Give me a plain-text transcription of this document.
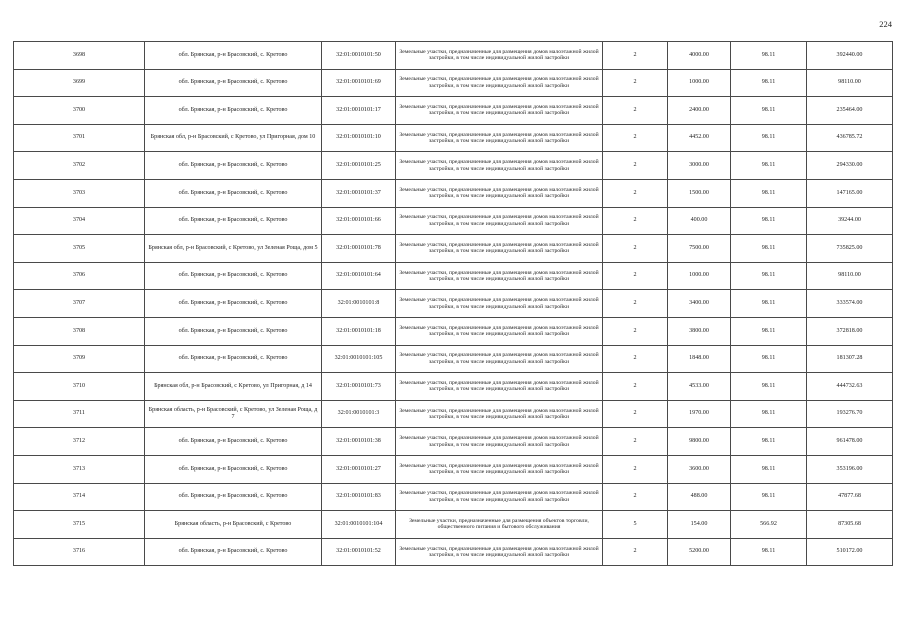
224
3698	обл. Брянская, р-н Брасовский, с. Кретово	32:01:0010101:50	Земельные участки, предназначенные для размещения домов малоэтажной жилой застройки, в том числе индивидуальной жилой застройки	2	4000.00	98.11	392440.00
3699	обл. Брянская, р-н Брасовский, с. Кретово	32:01:0010101:69	Земельные участки, предназначенные для размещения домов малоэтажной жилой застройки, в том числе индивидуальной жилой застройки	2	1000.00	98.11	98110.00
3700	обл. Брянская, р-н Брасовский, с. Кретово	32:01:0010101:17	Земельные участки, предназначенные для размещения домов малоэтажной жилой застройки, в том числе индивидуальной жилой застройки	2	2400.00	98.11	235464.00
3701	Брянская обл, р-н Брасовский, с Кретово, ул Пригорная, дом 10	32:01:0010101:10	Земельные участки, предназначенные для размещения домов малоэтажной жилой застройки, в том числе индивидуальной жилой застройки	2	4452.00	98.11	436785.72
3702	обл. Брянская, р-н Брасовский, с. Кретово	32:01:0010101:25	Земельные участки, предназначенные для размещения домов малоэтажной жилой застройки, в том числе индивидуальной жилой застройки	2	3000.00	98.11	294330.00
3703	обл. Брянская, р-н Брасовский, с. Кретово	32:01:0010101:37	Земельные участки, предназначенные для размещения домов малоэтажной жилой застройки, в том числе индивидуальной жилой застройки	2	1500.00	98.11	147165.00
3704	обл. Брянская, р-н Брасовский, с. Кретово	32:01:0010101:66	Земельные участки, предназначенные для размещения домов малоэтажной жилой застройки, в том числе индивидуальной жилой застройки	2	400.00	98.11	39244.00
3705	Брянская обл, р-н Брасовский, с Кретово, ул Зеленая Роща, дом 5	32:01:0010101:78	Земельные участки, предназначенные для размещения домов малоэтажной жилой застройки, в том числе индивидуальной жилой застройки	2	7500.00	98.11	735825.00
3706	обл. Брянская, р-н Брасовский, с. Кретово	32:01:0010101:64	Земельные участки, предназначенные для размещения домов малоэтажной жилой застройки, в том числе индивидуальной жилой застройки	2	1000.00	98.11	98110.00
3707	обл. Брянская, р-н Брасовский, с. Кретово	32:01:0010101:8	Земельные участки, предназначенные для размещения домов малоэтажной жилой застройки, в том числе индивидуальной жилой застройки	2	3400.00	98.11	333574.00
3708	обл. Брянская, р-н Брасовский, с. Кретово	32:01:0010101:18	Земельные участки, предназначенные для размещения домов малоэтажной жилой застройки, в том числе индивидуальной жилой застройки	2	3800.00	98.11	372818.00
3709	обл. Брянская, р-н Брасовский, с. Кретово	32:01:0010101:105	Земельные участки, предназначенные для размещения домов малоэтажной жилой застройки, в том числе индивидуальной жилой застройки	2	1848.00	98.11	181307.28
3710	Брянская обл, р-н Брасовский, с Кретово, ул Пригорная, д 14	32:01:0010101:73	Земельные участки, предназначенные для размещения домов малоэтажной жилой застройки, в том числе индивидуальной жилой застройки	2	4533.00	98.11	444732.63
3711	Брянская область, р-н Брасовский, с Кретово, ул Зеленая Роща, д 7	32:01:0010101:3	Земельные участки, предназначенные для размещения домов малоэтажной жилой застройки, в том числе индивидуальной жилой застройки	2	1970.00	98.11	193276.70
3712	обл. Брянская, р-н Брасовский, с. Кретово	32:01:0010101:38	Земельные участки, предназначенные для размещения домов малоэтажной жилой застройки, в том числе индивидуальной жилой застройки	2	9800.00	98.11	961478.00
3713	обл. Брянская, р-н Брасовский, с. Кретово	32:01:0010101:27	Земельные участки, предназначенные для размещения домов малоэтажной жилой застройки, в том числе индивидуальной жилой застройки	2	3600.00	98.11	353196.00
3714	обл. Брянская, р-н Брасовский, с. Кретово	32:01:0010101:83	Земельные участки, предназначенные для размещения домов малоэтажной жилой застройки, в том числе индивидуальной жилой застройки	2	488.00	98.11	47877.68
3715	Брянская область, р-н Брасовский, с Кретово	32:01:0010101:104	Земельные участки, предназначенные для размещения объектов торговли, общественного питания и бытового обслуживания	5	154.00	566.92	87305.68
3716	обл. Брянская, р-н Брасовский, с. Кретово	32:01:0010101:52	Земельные участки, предназначенные для размещения домов малоэтажной жилой застройки, в том числе индивидуальной жилой застройки	2	5200.00	98.11	510172.00
